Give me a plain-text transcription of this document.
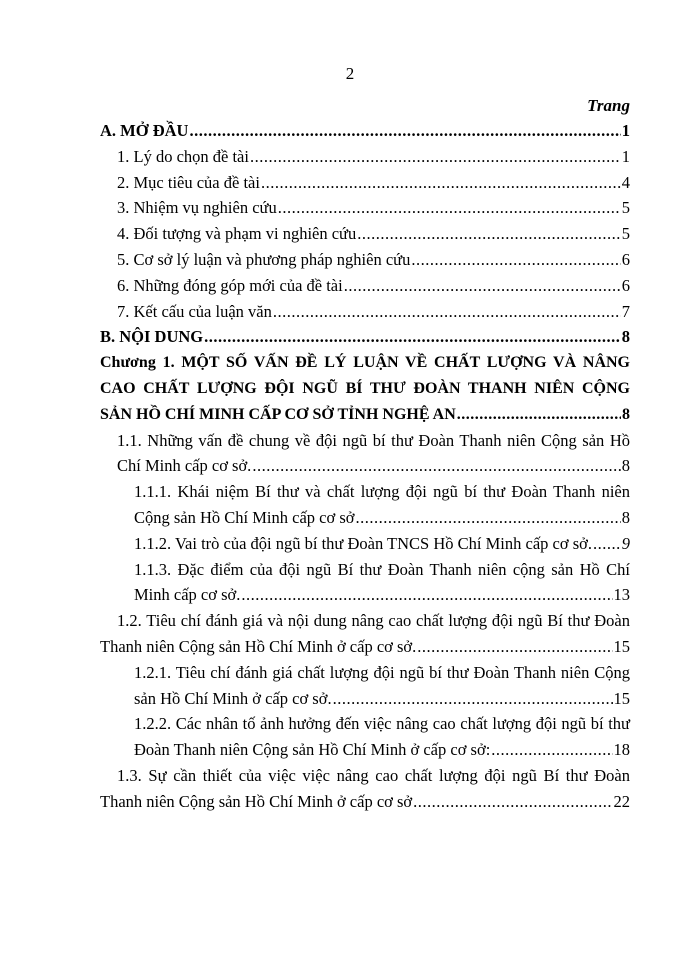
2
Trang
A. MỞ ĐẦU .....	1
1. Lý do chọn đề tài .....	1
2. Mục tiêu của đề tài .....	4
3. Nhiệm vụ nghiên cứu .....	5
4. Đối tượng và phạm vi nghiên cứu .....	5
5. Cơ sở lý luận và phương pháp nghiên cứu .....	6
6. Những đóng góp mới của đề tài .....	6
7. Kết cấu của luận văn .....	7
B. NỘI DUNG .....	8
Chương 1. MỘT SỐ VẤN ĐỀ LÝ LUẬN VỀ CHẤT LƯỢNG VÀ NÂNG
CAO CHẤT LƯỢNG ĐỘI NGŨ BÍ THƯ ĐOÀN THANH NIÊN CỘNG
SẢN HỒ CHÍ MINH CẤP CƠ SỞ TỈNH NGHỆ AN .....	8
1.1. Những vấn đề chung về đội ngũ bí thư Đoàn Thanh niên Cộng sản Hồ
Chí Minh cấp cơ sở. .....	8
1.1.1. Khái niệm Bí thư và chất lượng đội ngũ bí thư Đoàn Thanh niên
Cộng sản Hồ Chí Minh cấp cơ sở .....	8
1.1.2. Vai trò của đội ngũ bí thư Đoàn TNCS Hồ Chí Minh cấp cơ sở. ..... 9
1.1.3. Đặc điểm của đội ngũ Bí thư Đoàn Thanh niên cộng sản Hồ Chí
Minh cấp cơ sở. .....	13
1.2. Tiêu chí đánh giá và nội dung nâng cao chất lượng đội ngũ Bí thư Đoàn
Thanh niên Cộng sản Hồ Chí Minh ở cấp cơ sở. .....	15
1.2.1. Tiêu chí đánh giá chất lượng đội ngũ bí thư Đoàn Thanh niên Cộng
sản Hồ Chí Minh ở cấp cơ sở. .....	15
1.2.2. Các nhân tố ảnh hưởng đến việc nâng cao chất lượng đội ngũ bí thư
Đoàn Thanh niên Cộng sản Hồ Chí Minh ở cấp cơ sở: .....	18
1.3. Sự cần thiết của việc việc nâng cao chất lượng đội ngũ Bí thư Đoàn
Thanh niên Cộng sản Hồ Chí Minh ở cấp cơ sở .....	22
